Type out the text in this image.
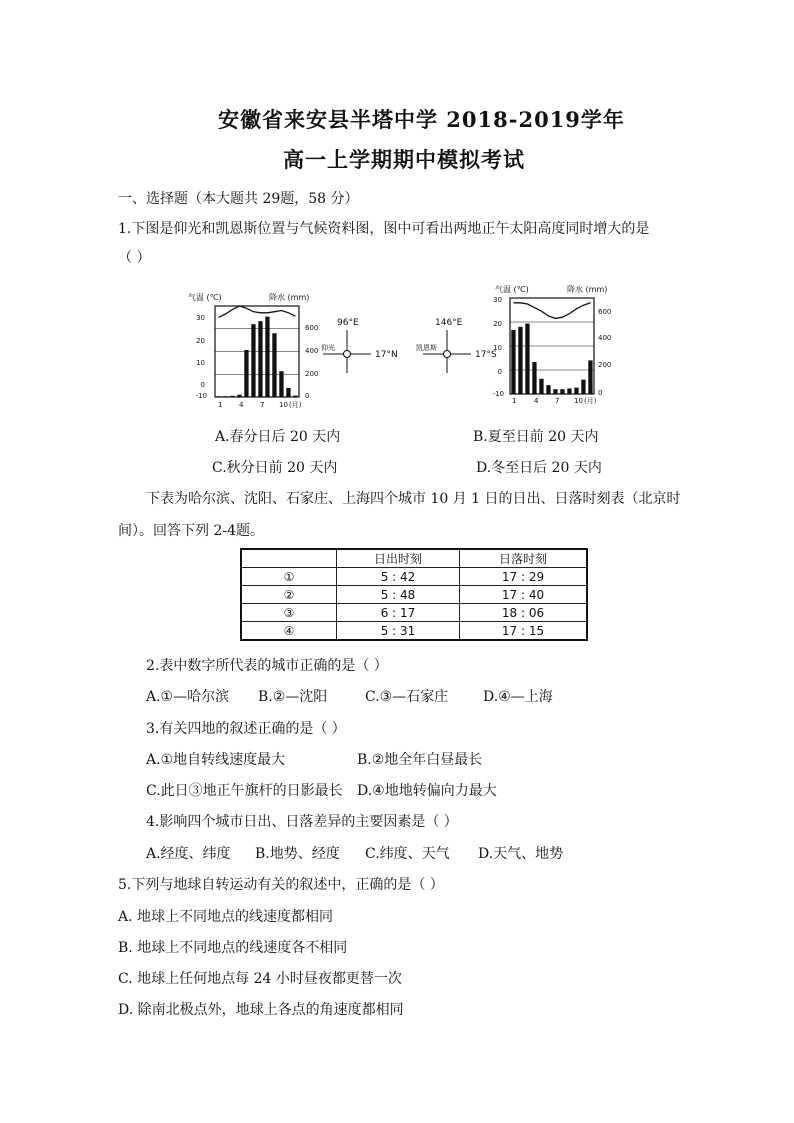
安徽省来安县半塔中学 2018-2019学年
高一上学期期中模拟考试
一、选择题（本大题共 29题，58 分）
1.下图是仰光和凯恩斯位置与气候资料图，图中可看出两地正午太阳高度同时增大的是
（ ）
气温 (℃)	降水 (mm)
30
20
10
0
-10
600
400
200
0
1 4 7 10 (月)
96°E
仰光
17°N
146°E
凯恩斯
17°S
气温 (℃)	降水 (mm)
30
20
10
0
-10
600
400
200
0
1	4 7 10 (月)
A.春分日后 20 天内	B.夏至日前 20 天内
C.秋分日前 20 天内	D.冬至日后 20 天内
下表为哈尔滨、沈阳、石家庄、上海四个城市 10 月 1 日的日出、日落时刻表（北京时
间）。回答下列 2-4题。
	日出时刻	日落时刻
①	5 : 42	17 : 29
②	5 : 48	17 : 40
③	6 : 17	18 : 06
④	5 : 31	17 : 15
2.表中数字所代表的城市正确的是（ ）
A.①—哈尔滨 B.②—沈阳	C.③—石家庄 D.④—上海
3.有关四地的叙述正确的是（ ）
A.①地自转线速度最大	B.②地全年白昼最长
C.此日③地正午旗杆的日影最长 D.④地地转偏向力最大
4.影响四个城市日出、日落差异的主要因素是（ ）
A.经度、纬度 B.地势、经度 C.纬度、天气 D.天气、地势
5.下列与地球自转运动有关的叙述中，正确的是（ ）
A. 地球上不同地点的线速度都相同
B. 地球上不同地点的线速度各不相同
C. 地球上任何地点每 24 小时昼夜都更替一次
D. 除南北极点外，地球上各点的角速度都相同
